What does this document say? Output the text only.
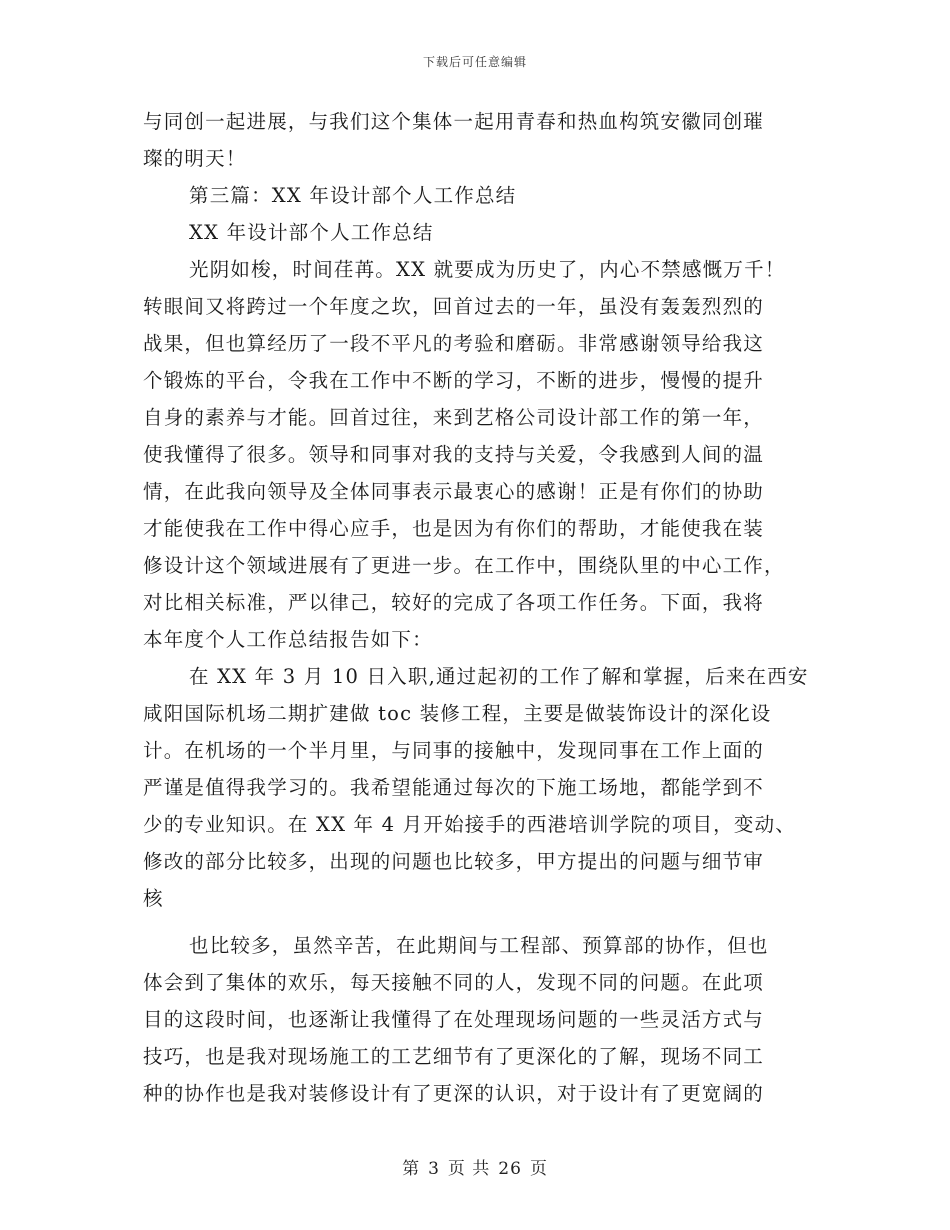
下载后可任意编辑
与同创一起进展，与我们这个集体一起用青春和热血构筑安徽同创璀
璨的明天！
第三篇：XX 年设计部个人工作总结
XX 年设计部个人工作总结
光阴如梭，时间荏苒。XX 就要成为历史了，内心不禁感慨万千！
转眼间又将跨过一个年度之坎，回首过去的一年，虽没有轰轰烈烈的
战果，但也算经历了一段不平凡的考验和磨砺。非常感谢领导给我这
个锻炼的平台，令我在工作中不断的学习，不断的进步，慢慢的提升
自身的素养与才能。回首过往，来到艺格公司设计部工作的第一年，
使我懂得了很多。领导和同事对我的支持与关爱，令我感到人间的温
情，在此我向领导及全体同事表示最衷心的感谢！正是有你们的协助
才能使我在工作中得心应手，也是因为有你们的帮助，才能使我在装
修设计这个领域进展有了更进一步。在工作中，围绕队里的中心工作，
对比相关标准，严以律己，较好的完成了各项工作任务。下面，我将
本年度个人工作总结报告如下：
在 XX 年 3 月 10 日入职,通过起初的工作了解和掌握，后来在西安
咸阳国际机场二期扩建做 toc 装修工程，主要是做装饰设计的深化设
计。在机场的一个半月里，与同事的接触中，发现同事在工作上面的
严谨是值得我学习的。我希望能通过每次的下施工场地，都能学到不
少的专业知识。在 XX 年 4 月开始接手的西港培训学院的项目，变动、
修改的部分比较多，出现的问题也比较多，甲方提出的问题与细节审
核
也比较多，虽然辛苦，在此期间与工程部、预算部的协作，但也
体会到了集体的欢乐，每天接触不同的人，发现不同的问题。在此项
目的这段时间，也逐渐让我懂得了在处理现场问题的一些灵活方式与
技巧，也是我对现场施工的工艺细节有了更深化的了解，现场不同工
种的协作也是我对装修设计有了更深的认识，对于设计有了更宽阔的
第 3 页 共 26 页
